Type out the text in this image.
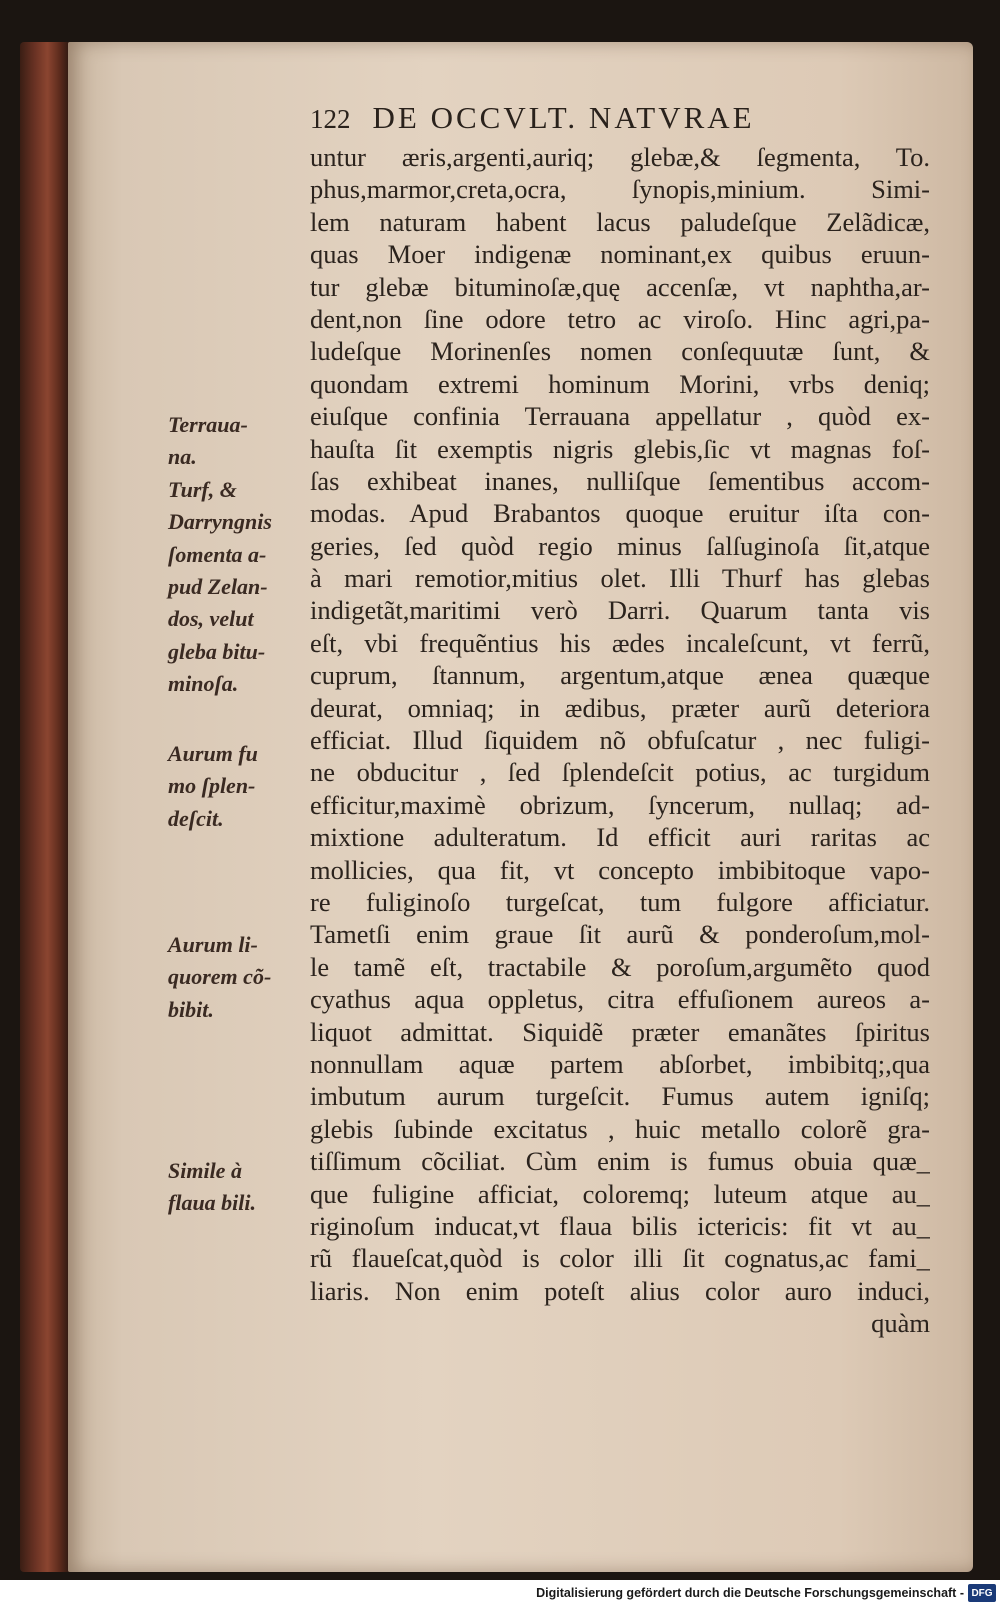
122 DE OCCVLT. NATVRAE
untur æris,argenti,auriq; glebæ,& ſegmenta, To.
phus,marmor,creta,ocra, ſynopis,minium. Simi-
lem naturam habent lacus paludeſque Zelãdicæ,
quas Moer indigenæ nominant,ex quibus eruun-
tur glebæ bituminoſæ,quę accenſæ, vt naphtha,ar-
dent,non ſine odore tetro ac viroſo. Hinc agri,pa-
ludeſque Morinenſes nomen conſequutæ ſunt, &
quondam extremi hominum Morini, vrbs deniq;
eiuſque confinia Terrauana appellatur , quòd ex-
hauſta ſit exemptis nigris glebis,ſic vt magnas foſ-
ſas exhibeat inanes, nulliſque ſementibus accom-
modas. Apud Brabantos quoque eruitur iſta con-
geries, ſed quòd regio minus ſalſuginoſa ſit,atque
à mari remotior,mitius olet. Illi Thurf has glebas
indigetãt,maritimi verò Darri. Quarum tanta vis
eſt, vbi frequẽntius his ædes incaleſcunt, vt ferrũ,
cuprum, ſtannum, argentum,atque ænea quæque
deurat, omniaq; in ædibus, præter aurũ deteriora
efficiat. Illud ſiquidem nõ obfuſcatur , nec fuligi-
ne obducitur , ſed ſplendeſcit potius, ac turgidum
efficitur,maximè obrizum, ſyncerum, nullaq; ad-
mixtione adulteratum. Id efficit auri raritas ac
mollicies, qua fit, vt concepto imbibitoque vapo-
re fuliginoſo turgeſcat, tum fulgore afficiatur.
Tametſi enim graue ſit aurũ & ponderoſum,mol-
le tamẽ eſt, tractabile & poroſum,argumẽto quod
cyathus aqua oppletus, citra effuſionem aureos a-
liquot admittat. Siquidẽ præter emanãtes ſpiritus
nonnullam aquæ partem abſorbet, imbibitq;,qua
imbutum aurum turgeſcit. Fumus autem igniſq;
glebis ſubinde excitatus , huic metallo colorẽ gra-
tiſſimum cõciliat. Cùm enim is fumus obuia quæ_
que fuligine afficiat, coloremq; luteum atque au_
riginoſum inducat,vt flaua bilis ictericis: fit vt au_
rũ flaueſcat,quòd is color illi ſit cognatus,ac fami_
liaris. Non enim poteſt alius color auro induci,
quàm
Terraua-
na.
Turf, &
Darryngnis
ſomenta a-
pud Zelan-
dos, velut
gleba bitu-
minoſa.
Aurum fu
mo ſplen-
deſcit.
Aurum li-
quorem cõ-
bibit.
Simile à
flaua bili.
Digitalisierung gefördert durch die Deutsche Forschungsgemeinschaft - DFG
